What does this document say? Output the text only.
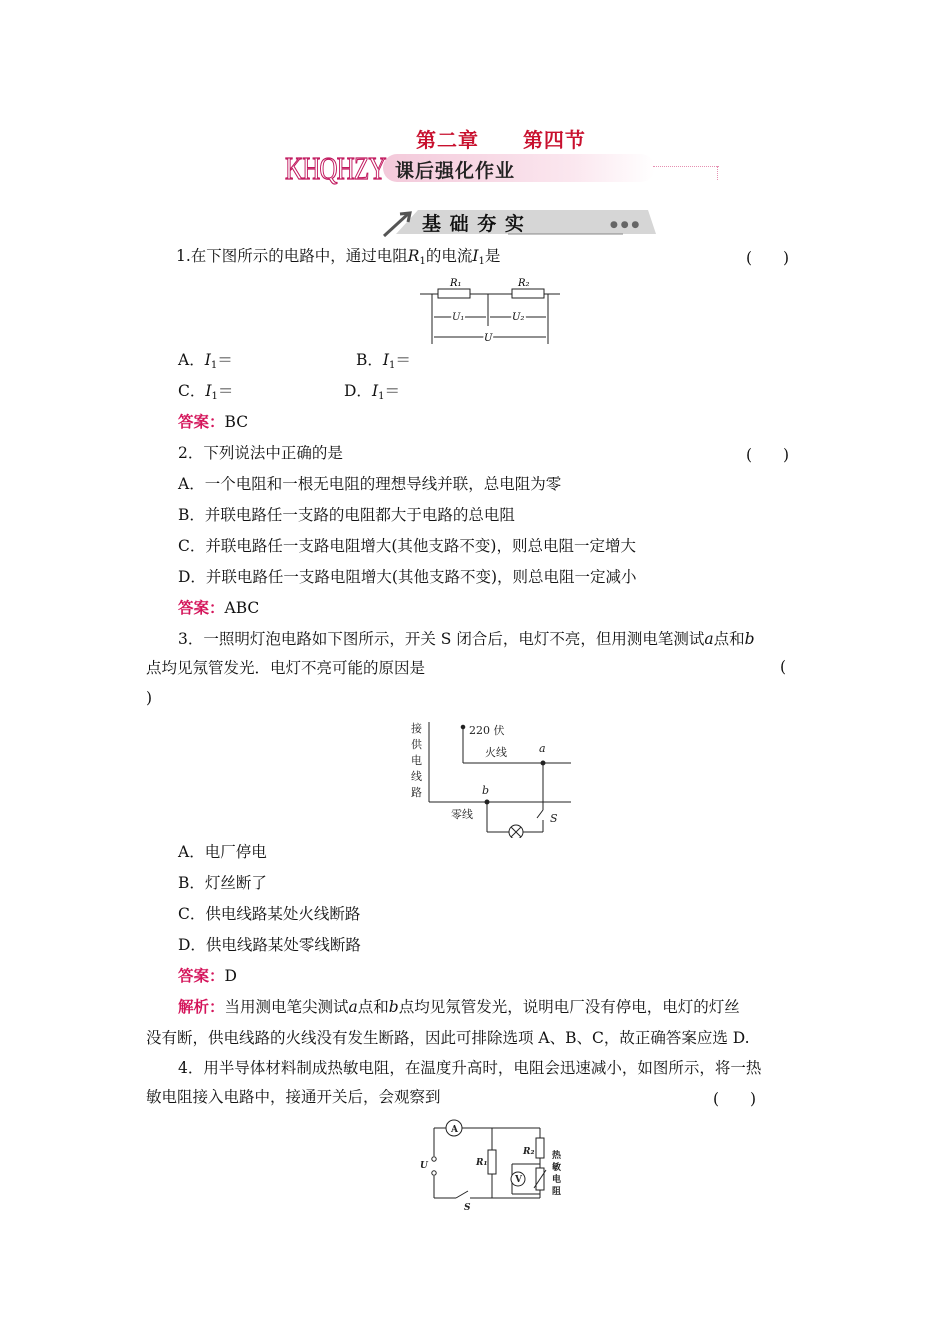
第二章 第四节
KHQHZY 课后强化作业
基 础 夯 实	● ● ●
1.在下图所示的电路中，通过电阻$R_1$的电流$I_1$是	(　　)
R₁	R₂
U₁	U₂
U
A．$I_1=$	B．$I_1=$
C．$I_1=$	D．$I_1=$
答案：BC
2．下列说法中正确的是	(　　)
A．一个电阻和一根无电阻的理想导线并联，总电阻为零
B．并联电路任一支路的电阻都大于电路的总电阻
C．并联电路任一支路电阻增大(其他支路不变)，则总电阻一定增大
D．并联电路任一支路电阻增大(其他支路不变)，则总电阻一定减小
答案：ABC
3．一照明灯泡电路如下图所示，开关 S 闭合后，电灯不亮，但用测电笔测试a点和b
点均见氖管发光．电灯不亮可能的原因是	(
)
接
供
电
线
路
220 伏
火线
零线
a
b
S
A．电厂停电
B．灯丝断了
C．供电线路某处火线断路
D．供电线路某处零线断路
答案：D
解析：当用测电笔尖测试a点和b点均见氖管发光，说明电厂没有停电，电灯的灯丝
没有断，供电线路的火线没有发生断路，因此可排除选项 A、B、C，故正确答案应选 D.
4．用半导体材料制成热敏电阻，在温度升高时，电阻会迅速减小，如图所示，将一热
敏电阻接入电路中，接通开关后，会观察到	(　　)
A
V
U	R₁
R₂
S
热
敏
电
阻
